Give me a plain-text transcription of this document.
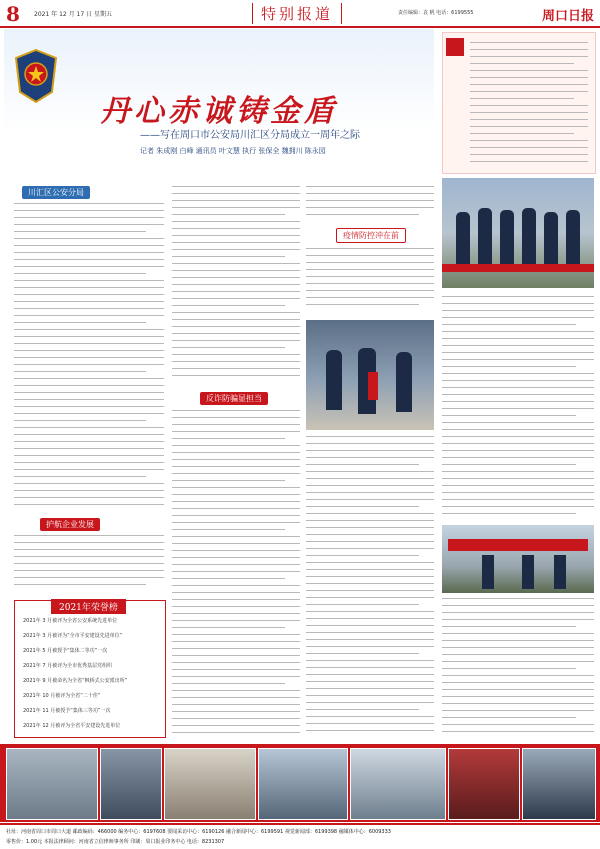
8 2021 年 12 月 17 日 星期五	特别报道	责任编辑：袁 帆 电话：6199555	周口日报
丹心赤诚铸金盾
——写在周口市公安局川汇区分局成立一周年之际
记者 朱成刚 白峰 通讯员 叶文慧 执行 张保全 魏拥川 陈永园
川汇区公安分局
护航企业发展
2021年荣誉榜
2021年 3 月被评为全省公安系统先进单位
2021年 3 月被评为“全市平安建设先进单位”
2021年 5 月被授予“集体二等功”一次
2021年 7 月被评为全市优秀基层党组织
2021年 9 月被命名为全省“枫桥式公安派出所”
2021年 10 月被评为全省“二十佳”
2021年 11 月被授予“集体三等功”一次
2021年 12 月被评为全省平安建设先进单位
反诈防骗显担当
疫情防控冲在前
社址：河南省周口市周口大道 邮政编码：466000 编务中心：6197608 要闻采访中心：6190126 融合新闻中心：6199591 视觉新闻部：6199398 融媒体中心：6009333
零售价：1.00元 本报法律顾问：河南省立信律师事务所 印刷：周口报业印务中心 电话：8231307
